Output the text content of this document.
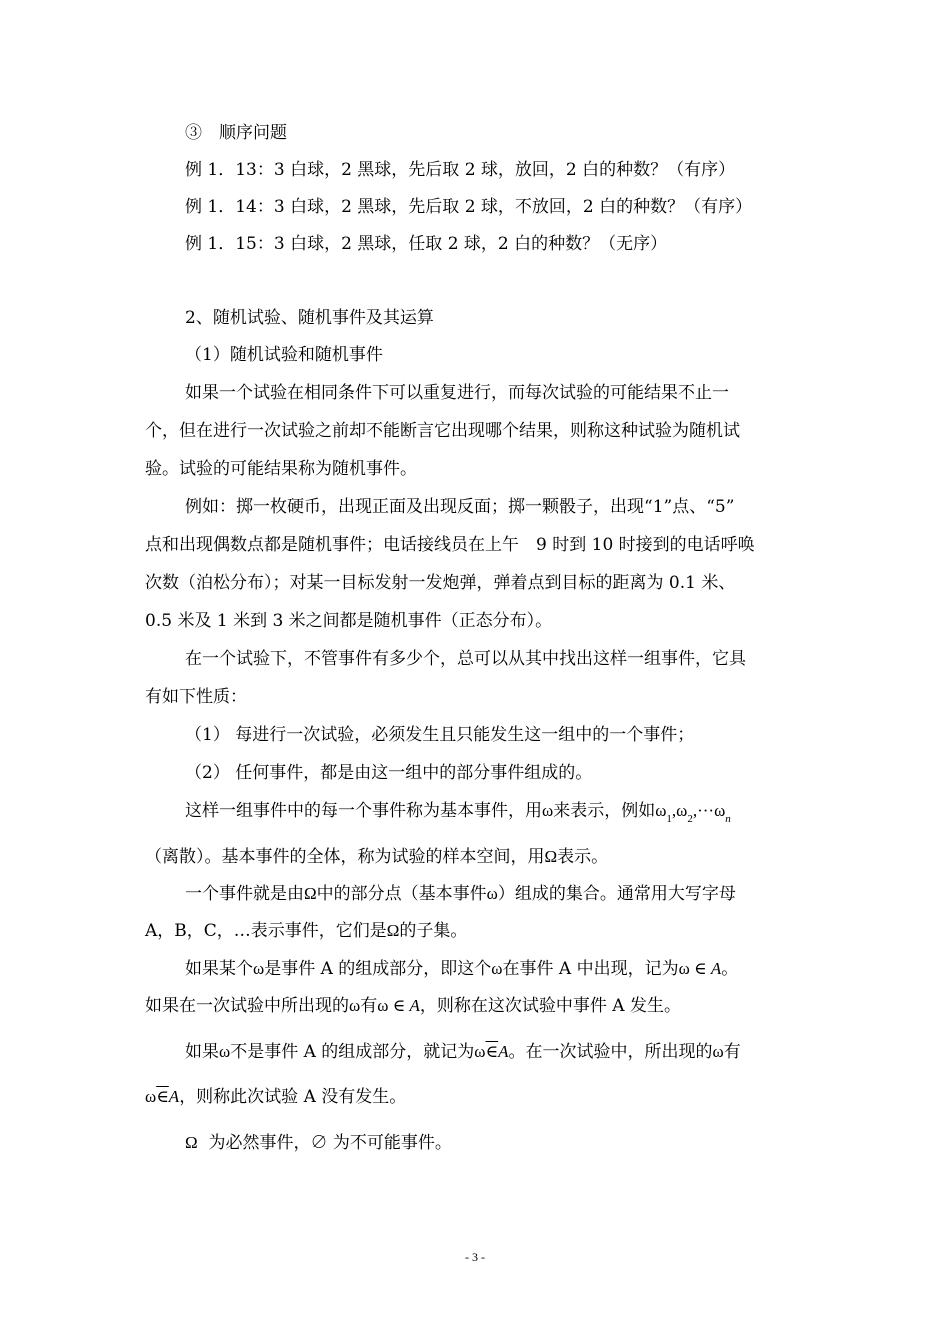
③　顺序问题
例 1．13：3 白球，2 黑球，先后取 2 球，放回，2 白的种数？（有序）
例 1．14：3 白球，2 黑球，先后取 2 球，不放回，2 白的种数？（有序）
例 1．15：3 白球，2 黑球，任取 2 球，2 白的种数？（无序）
2、随机试验、随机事件及其运算
（1）随机试验和随机事件
如果一个试验在相同条件下可以重复进行，而每次试验的可能结果不止一
个，但在进行一次试验之前却不能断言它出现哪个结果，则称这种试验为随机试
验。试验的可能结果称为随机事件。
例如：掷一枚硬币，出现正面及出现反面；掷一颗骰子，出现“1”点、“5”
点和出现偶数点都是随机事件；电话接线员在上午　9 时到 10 时接到的电话呼唤
次数（泊松分布）；对某一目标发射一发炮弹，弹着点到目标的距离为 0.1 米、
0.5 米及 1 米到 3 米之间都是随机事件（正态分布）。
在一个试验下，不管事件有多少个，总可以从其中找出这样一组事件，它具
有如下性质：
（1） 每进行一次试验，必须发生且只能发生这一组中的一个事件；
（2） 任何事件，都是由这一组中的部分事件组成的。
这样一组事件中的每一个事件称为基本事件，用ω来表示，例如$\omega_1,\omega_2,\cdot\cdot\cdot\omega_n$
（离散）。基本事件的全体，称为试验的样本空间，用Ω表示。
一个事件就是由Ω中的部分点（基本事件ω）组成的集合。通常用大写字母
A，B，C，…表示事件，它们是Ω的子集。
如果某个ω是事件 A 的组成部分，即这个ω在事件 A 中出现，记为ω ∈ A。
如果在一次试验中所出现的ω有ω ∈ A，则称在这次试验中事件 A 发生。
如果ω不是事件 A 的组成部分，就记为ω∈A。在一次试验中，所出现的ω有
ω∈A，则称此次试验 A 没有发生。
Ω 为必然事件，∅ 为不可能事件。
- 3 -
